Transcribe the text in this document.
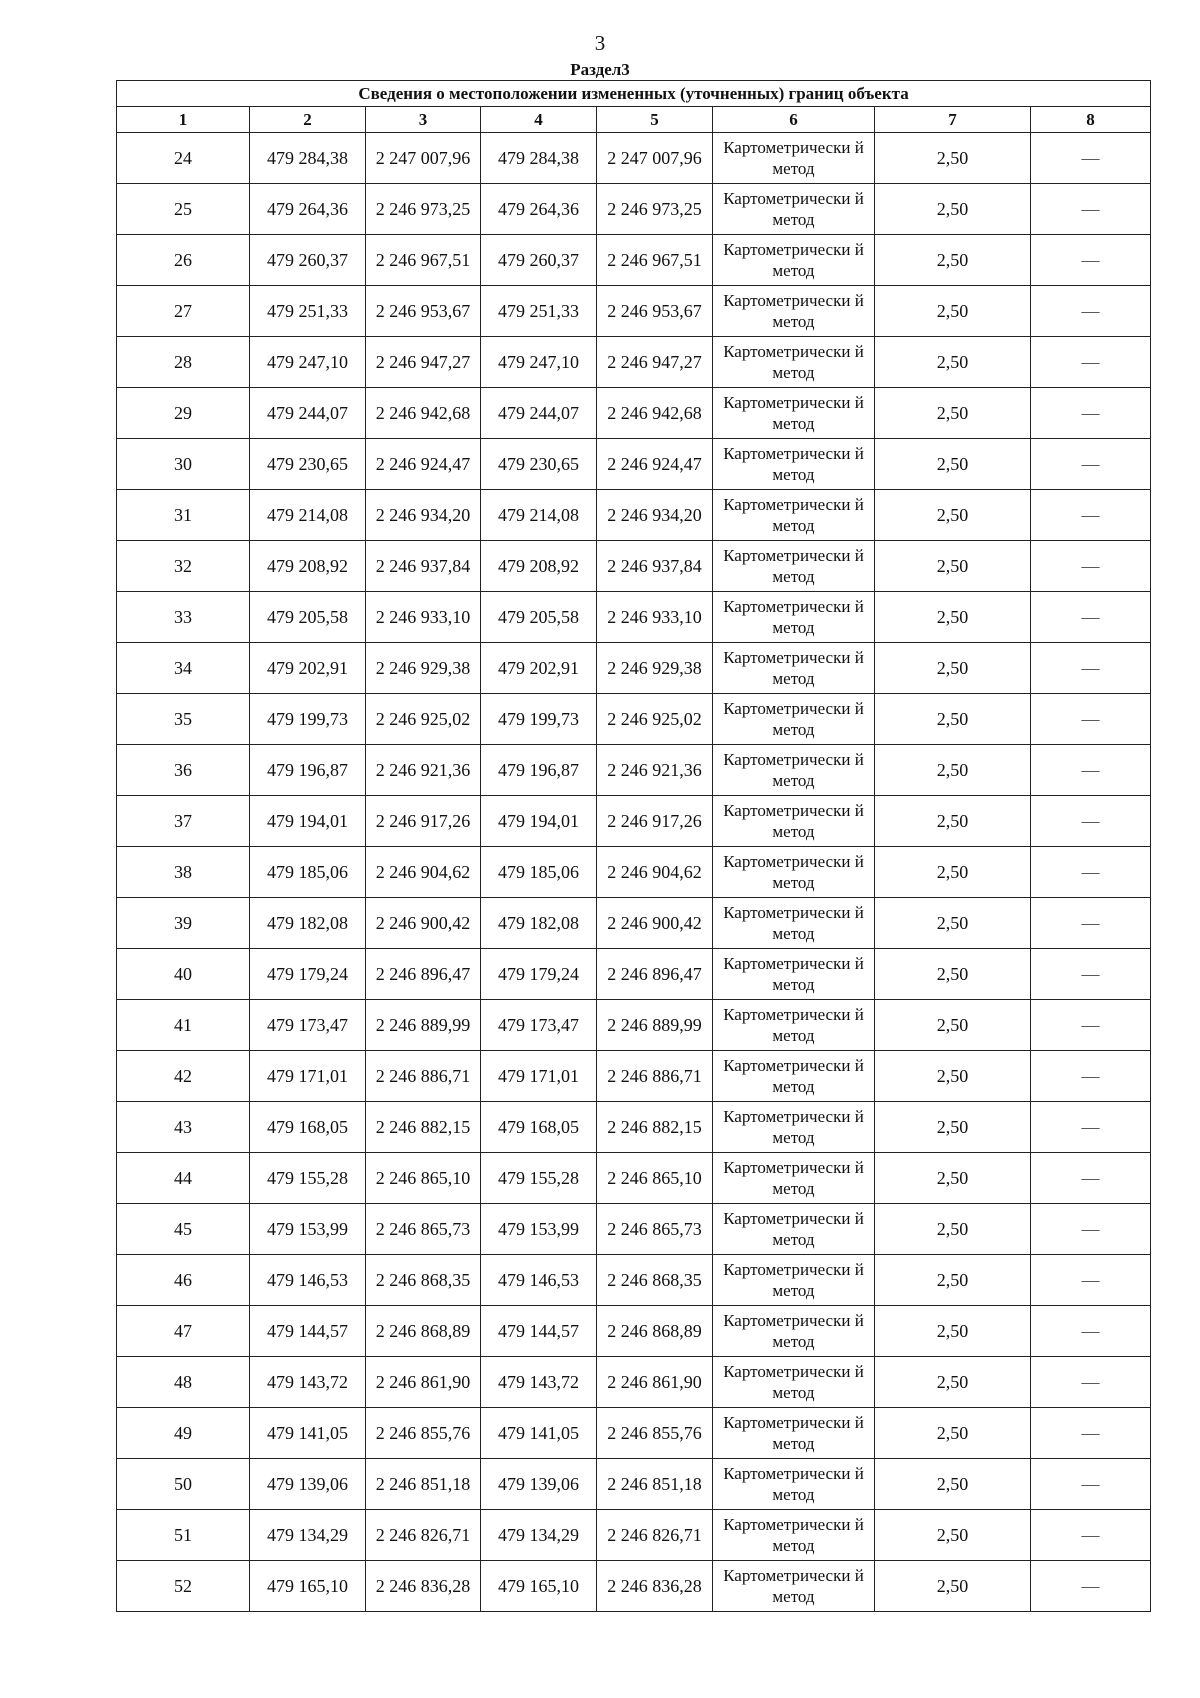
3
Раздел3
Сведения о местоположении измененных (уточненных) границ объекта							
1	2	3	4	5	6	7	8
24	479 284,38	2 247 007,96	479 284,38	2 247 007,96	Картометрически й метод	2,50	—
25	479 264,36	2 246 973,25	479 264,36	2 246 973,25	Картометрически й метод	2,50	—
26	479 260,37	2 246 967,51	479 260,37	2 246 967,51	Картометрически й метод	2,50	—
27	479 251,33	2 246 953,67	479 251,33	2 246 953,67	Картометрически й метод	2,50	—
28	479 247,10	2 246 947,27	479 247,10	2 246 947,27	Картометрически й метод	2,50	—
29	479 244,07	2 246 942,68	479 244,07	2 246 942,68	Картометрически й метод	2,50	—
30	479 230,65	2 246 924,47	479 230,65	2 246 924,47	Картометрически й метод	2,50	—
31	479 214,08	2 246 934,20	479 214,08	2 246 934,20	Картометрически й метод	2,50	—
32	479 208,92	2 246 937,84	479 208,92	2 246 937,84	Картометрически й метод	2,50	—
33	479 205,58	2 246 933,10	479 205,58	2 246 933,10	Картометрически й метод	2,50	—
34	479 202,91	2 246 929,38	479 202,91	2 246 929,38	Картометрически й метод	2,50	—
35	479 199,73	2 246 925,02	479 199,73	2 246 925,02	Картометрически й метод	2,50	—
36	479 196,87	2 246 921,36	479 196,87	2 246 921,36	Картометрически й метод	2,50	—
37	479 194,01	2 246 917,26	479 194,01	2 246 917,26	Картометрически й метод	2,50	—
38	479 185,06	2 246 904,62	479 185,06	2 246 904,62	Картометрически й метод	2,50	—
39	479 182,08	2 246 900,42	479 182,08	2 246 900,42	Картометрически й метод	2,50	—
40	479 179,24	2 246 896,47	479 179,24	2 246 896,47	Картометрически й метод	2,50	—
41	479 173,47	2 246 889,99	479 173,47	2 246 889,99	Картометрически й метод	2,50	—
42	479 171,01	2 246 886,71	479 171,01	2 246 886,71	Картометрически й метод	2,50	—
43	479 168,05	2 246 882,15	479 168,05	2 246 882,15	Картометрически й метод	2,50	—
44	479 155,28	2 246 865,10	479 155,28	2 246 865,10	Картометрически й метод	2,50	—
45	479 153,99	2 246 865,73	479 153,99	2 246 865,73	Картометрически й метод	2,50	—
46	479 146,53	2 246 868,35	479 146,53	2 246 868,35	Картометрически й метод	2,50	—
47	479 144,57	2 246 868,89	479 144,57	2 246 868,89	Картометрически й метод	2,50	—
48	479 143,72	2 246 861,90	479 143,72	2 246 861,90	Картометрически й метод	2,50	—
49	479 141,05	2 246 855,76	479 141,05	2 246 855,76	Картометрически й метод	2,50	—
50	479 139,06	2 246 851,18	479 139,06	2 246 851,18	Картометрически й метод	2,50	—
51	479 134,29	2 246 826,71	479 134,29	2 246 826,71	Картометрически й метод	2,50	—
52	479 165,10	2 246 836,28	479 165,10	2 246 836,28	Картометрически й метод	2,50	—
